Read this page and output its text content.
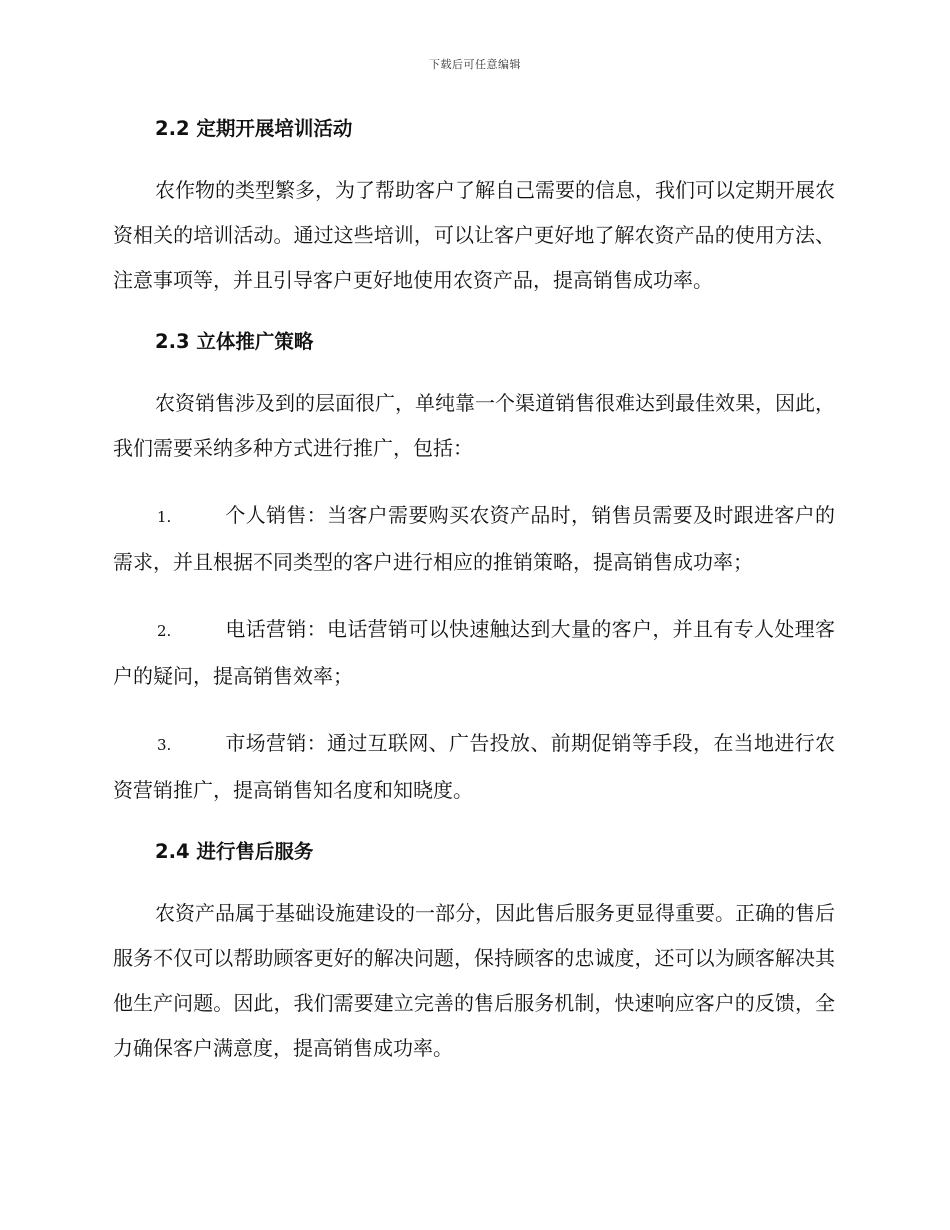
下载后可任意编辑
2.2 定期开展培训活动

农作物的类型繁多，为了帮助客户了解自己需要的信息，我们可以定期开展农资相关的培训活动。通过这些培训，可以让客户更好地了解农资产品的使用方法、注意事项等，并且引导客户更好地使用农资产品，提高销售成功率。

2.3 立体推广策略

农资销售涉及到的层面很广，单纯靠一个渠道销售很难达到最佳效果，因此，我们需要采纳多种方式进行推广，包括：

1.	个人销售：当客户需要购买农资产品时，销售员需要及时跟进客户的需求，并且根据不同类型的客户进行相应的推销策略，提高销售成功率；

2.	电话营销：电话营销可以快速触达到大量的客户，并且有专人处理客户的疑问，提高销售效率；

3.	市场营销：通过互联网、广告投放、前期促销等手段，在当地进行农资营销推广，提高销售知名度和知晓度。

2.4 进行售后服务

农资产品属于基础设施建设的一部分，因此售后服务更显得重要。正确的售后服务不仅可以帮助顾客更好的解决问题，保持顾客的忠诚度，还可以为顾客解决其他生产问题。因此，我们需要建立完善的售后服务机制，快速响应客户的反馈，全力确保客户满意度，提高销售成功率。
